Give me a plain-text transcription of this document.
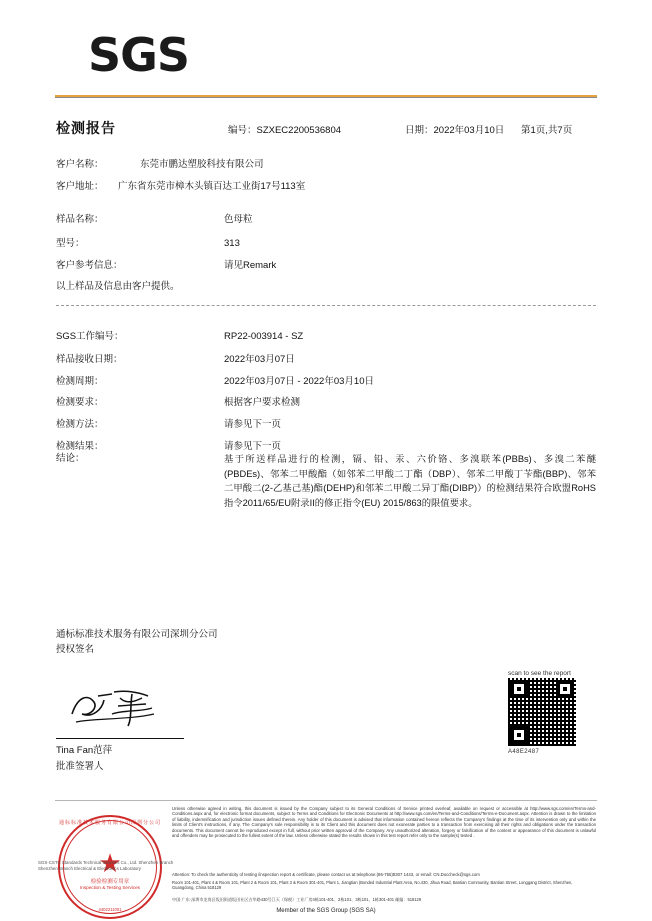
SGS
检测报告	编号：SZXEC2200536804	日期：2022年03月10日 第1页,共7页
客户名称：	东莞市鹏达塑胶科技有限公司
客户地址： 广东省东莞市樟木头镇百达工业街17号113室
样品名称：	色母粒
型号：	313
客户参考信息：	请见Remark
以上样品及信息由客户提供。
SGS工作编号：	RP22-003914 - SZ
样品接收日期：	2022年03月07日
检测周期：	2022年03月07日 - 2022年03月10日
检测要求：	根据客户要求检测
检测方法：	请参见下一页
检测结果：	请参见下一页
结论：	基于所送样品进行的检测，镉、铅、汞、六价铬、多溴联苯(PBBs)、多溴二苯醚(PBDEs)、邻苯二甲酸酯（如邻苯二甲酸二丁酯（DBP）、邻苯二甲酸丁苄酯(BBP)、邻苯二甲酸二(2-乙基己基)酯(DEHP)和邻苯二甲酸二异丁酯(DIBP)）的检测结果符合欧盟RoHS指令2011/65/EU附录II的修正指令(EU) 2015/863的限值要求。
通标标准技术服务有限公司深圳分公司
授权签名
Tina Fan范萍
批准签署人
scan to see the report
A48E2487
Unless otherwise agreed in writing, this document is issued by the Company subject to its General Conditions of Service printed overleaf, available on request or accessible at http://www.sgs.com/en/Terms-and-Conditions.aspx and, for electronic format documents, subject to Terms and Conditions for Electronic Documents at http://www.sgs.com/en/Terms-and-Conditions/Terms-e-Document.aspx. Attention is drawn to the limitation of liability, indemnification and jurisdiction issues defined therein. Any holder of this document is advised that information contained hereon reflects the Company's findings at the time of its intervention only and within the limits of Client's instructions, if any. The Company's sole responsibility is to its Client and this document does not exonerate parties to a transaction from exercising all their rights and obligations under the transaction documents. This document cannot be reproduced except in full, without prior written approval of the Company. Any unauthorized alteration, forgery or falsification of the content or appearance of this document is unlawful and offenders may be prosecuted to the fullest extent of the law. Unless otherwise stated the results shown in this test report refer only to the sample(s) tested .
Attention: To check the authenticity of testing /inspection report & certificate, please contact us at telephone:(86-755)8307 1443, or email: CN.Doccheck@sgs.com
Room 101-401, Plant 4 & Room 101, Plant 2 & Room 101, Plant 3 & Room 301-401, Plant 1, Jiangtian (Bonded Industrial Plant Area, No.430, Jihua Road, Bantian Community, Bantian Street, Longgang District, Shenzhen, Guangdong, China 518129
中国·广东·深圳市龙岗区坂田街道坂田社区吉华路430号江天（保税）工业厂房4栋101-401、2栋101、3栋101、1栋301-401 邮编：518129
Member of the SGS Group (SGS SA)
通标标准技术服务有限公司深圳分公司
★
检验检测专用章
Inspection & Testing Services
4402211001
SGS-CSTC Standards Technical Services Co., Ltd. Shenzhen Branch Shenzhen Branch Electrical & Electronics Laboratory
